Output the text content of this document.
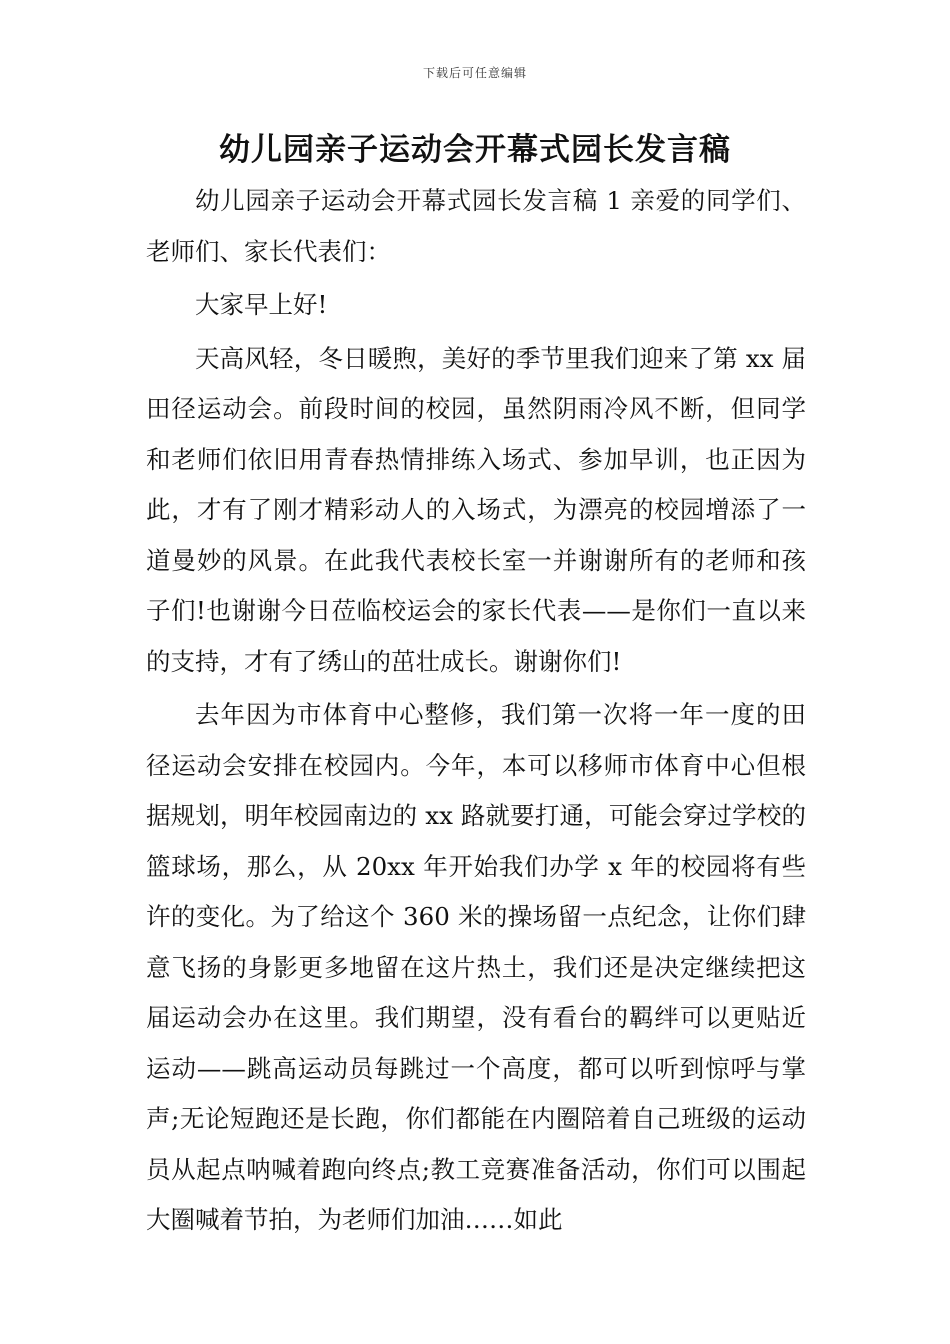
下载后可任意编辑
幼儿园亲子运动会开幕式园长发言稿

幼儿园亲子运动会开幕式园长发言稿 1 亲爱的同学们、老师们、家长代表们：

大家早上好!

天高风轻，冬日暖煦，美好的季节里我们迎来了第 xx 届田径运动会。前段时间的校园，虽然阴雨冷风不断，但同学和老师们依旧用青春热情排练入场式、参加早训，也正因为此，才有了刚才精彩动人的入场式，为漂亮的校园增添了一道曼妙的风景。在此我代表校长室一并谢谢所有的老师和孩子们!也谢谢今日莅临校运会的家长代表——是你们一直以来的支持，才有了绣山的茁壮成长。谢谢你们!

去年因为市体育中心整修，我们第一次将一年一度的田径运动会安排在校园内。今年，本可以移师市体育中心但根据规划，明年校园南边的 xx 路就要打通，可能会穿过学校的篮球场，那么，从 20xx 年开始我们办学 x 年的校园将有些许的变化。为了给这个 360 米的操场留一点纪念，让你们肆意飞扬的身影更多地留在这片热土，我们还是决定继续把这届运动会办在这里。我们期望，没有看台的羁绊可以更贴近运动——跳高运动员每跳过一个高度，都可以听到惊呼与掌声;无论短跑还是长跑，你们都能在内圈陪着自己班级的运动员从起点呐喊着跑向终点;教工竞赛准备活动，你们可以围起大圈喊着节拍，为老师们加油……如此
